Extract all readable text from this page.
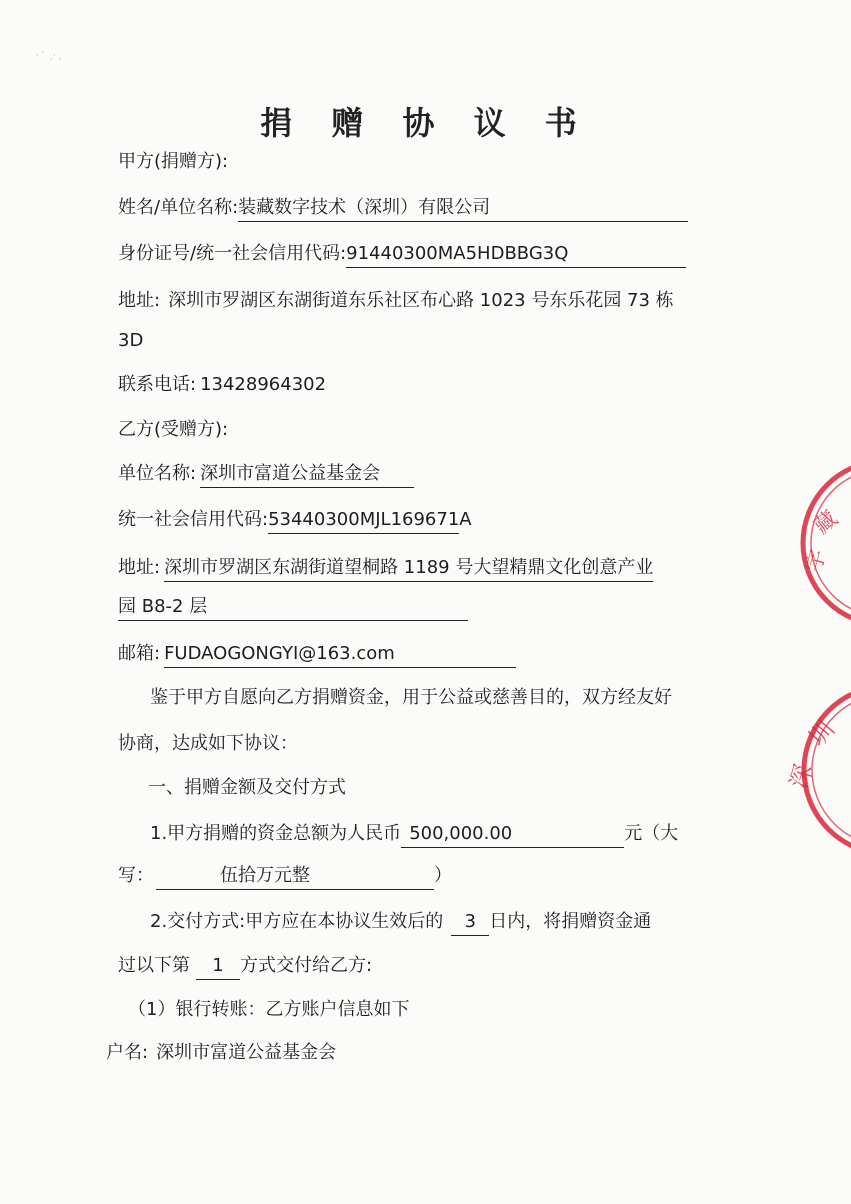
⸱ ˋ ˏ⸱ ˎ
捐 赠 协 议 书
甲方(捐赠方):
姓名/单位名称:装藏数字技术（深圳）有限公司
身份证号/统一社会信用代码:91440300MA5HDBBG3Q
地址: 深圳市罗湖区东湖街道东乐社区布心路 1023 号东乐花园 73 栋
3D
联系电话: 13428964302
乙方(受赠方):
单位名称: 深圳市富道公益基金会
统一社会信用代码:53440300MJL169671A
地址: 深圳市罗湖区东湖街道望桐路 1189 号大望精鼎文化创意产业
园 B8-2 层
邮箱: FUDAOGONGYI@163.com
鉴于甲方自愿向乙方捐赠资金，用于公益或慈善目的，双方经友好
协商，达成如下协议：
一、捐赠金额及交付方式
1.甲方捐赠的资金总额为人民币 500,000.00	元（大
写：	伍拾万元整	）
2.交付方式:甲方应在本协议生效后的 3 日内，将捐赠资金通
过以下第 1 方式交付给乙方:
（1）银行转账：乙方账户信息如下
户名: 深圳市富道公益基金会
藏
字
深
圳
